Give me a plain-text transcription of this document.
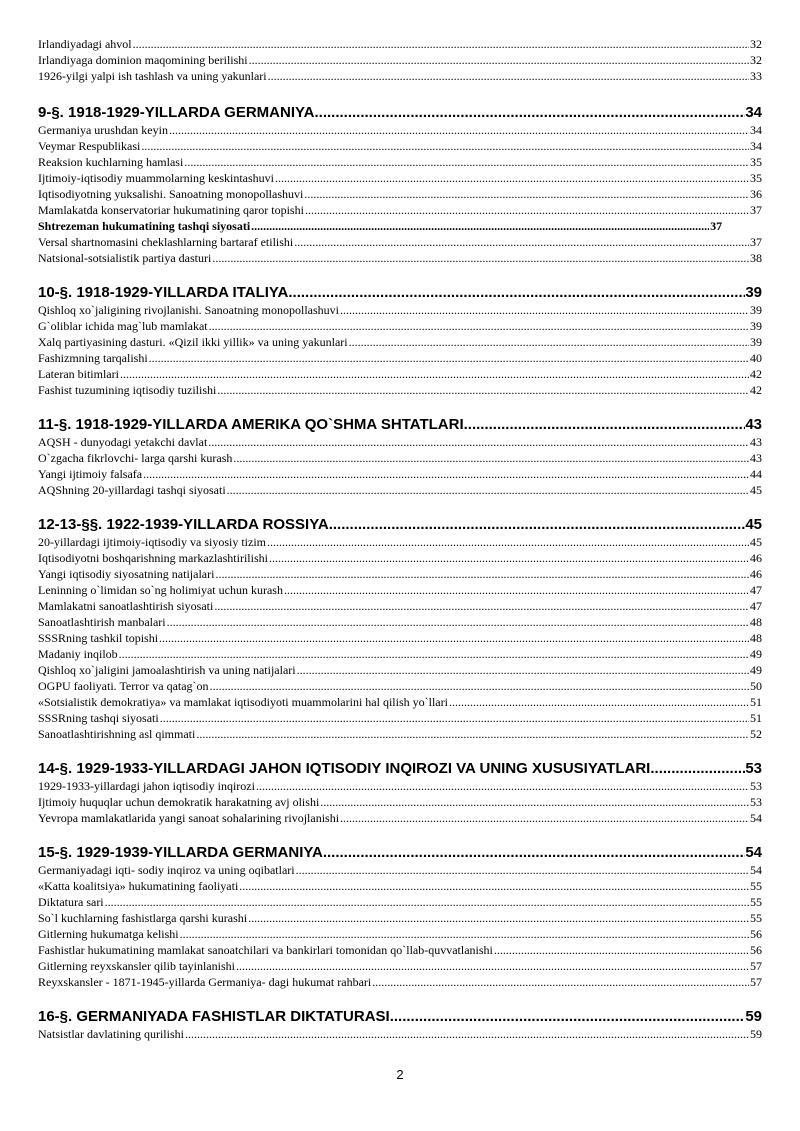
Irlandiyadagi ahvol .....	32
Irlandiyaga dominion maqomining berilishi .....	32
1926-yilgi yalpi ish tashlash va uning yakunlari .....	33
9-§. 1918-1929-YILLARDA GERMANIYA .....	34
Germaniya urushdan keyin .....	34
Veymar Respublikasi .....	34
Reaksion kuchlarning hamlasi .....	35
Ijtimoiy-iqtisodiy muammolarning keskintashuvi .....	35
Iqtisodiyotning yuksalishi. Sanoatning monopollashuvi .....	36
Mamlakatda konservatoriar hukumatining qaror topishi .....	37
Shtrezeman hukumatining tashqi siyosati .....	37
Versal shartnomasini cheklashlarning bartaraf etilishi .....	37
Natsional-sotsialistik partiya dasturi .....	38
10-§. 1918-1929-YILLARDA ITALIYA .....	39
Qishloq xo`jaligining rivojlanishi. Sanoatning monopollashuvi .....	39
G`oliblar ichida mag`lub mamlakat .....	39
Xalq partiyasining dasturi. «Qizil ikki yillik» va uning yakunlari .....	39
Fashizmning tarqalishi .....	40
Lateran bitimlari .....	42
Fashist tuzumining iqtisodiy tuzilishi .....	42
11-§. 1918-1929-YILLARDA AMERIKA QO`SHMA SHTATLARI .....	43
AQSH - dunyodagi yetakchi davlat .....	43
O`zgacha fikrlovchi- larga qarshi kurash .....	43
Yangi ijtimoiy falsafa .....	44
AQShning 20-yillardagi tashqi siyosati .....	45
12-13-§§. 1922-1939-YILLARDA ROSSIYA .....	45
20-yillardagi ijtimoiy-iqtisodiy va siyosiy tizim .....	45
Iqtisodiyotni boshqarishning markazlashtirilishi .....	46
Yangi iqtisodiy siyosatning natijalari .....	46
Leninning o`limidan so`ng holimiyat uchun kurash .....	47
Mamlakatni sanoatlashtirish siyosati .....	47
Sanoatlashtirish manbalari .....	48
SSSRning tashkil topishi .....	48
Madaniy inqilob .....	49
Qishloq xo`jaligini jamoalashtirish va uning natijalari .....	49
OGPU faoliyati. Terror va qatag`on .....	50
«Sotsialistik demokratiya» va mamlakat iqtisodiyoti muammolarini hal qilish yo`llari .....	51
SSSRning tashqi siyosati .....	51
Sanoatlashtirishning asl qimmati .....	52
14-§. 1929-1933-YILLARDAGI JAHON IQTISODIY INQIROZI VA UNING XUSUSIYATLARI .....	53
1929-1933-yillardagi jahon iqtisodiy inqirozi .....	53
Ijtimoiy huquqlar uchun demokratik harakatning avj olishi .....	53
Yevropa mamlakatlarida yangi sanoat sohalarining rivojlanishi .....	54
15-§. 1929-1939-YILLARDA GERMANIYA .....	54
Germaniyadagi iqti- sodiy inqiroz va uning oqibatlari .....	54
«Katta koalitsiya» hukumatining faoliyati .....	55
Diktatura sari .....	55
So`l kuchlarning fashistlarga qarshi kurashi .....	55
Gitlerning hukumatga kelishi .....	56
Fashistlar hukumatining mamlakat sanoatchilari va bankirlari tomonidan qo`llab-quvvatlanishi .....	56
Gitlerning reyxskansler qilib tayinlanishi .....	57
Reyxskansler - 1871-1945-yillarda Germaniya- dagi hukumat rahbari .....	57
16-§. GERMANIYADA FASHISTLAR DIKTATURASI .....	59
Natsistlar davlatining qurilishi .....	59
2
